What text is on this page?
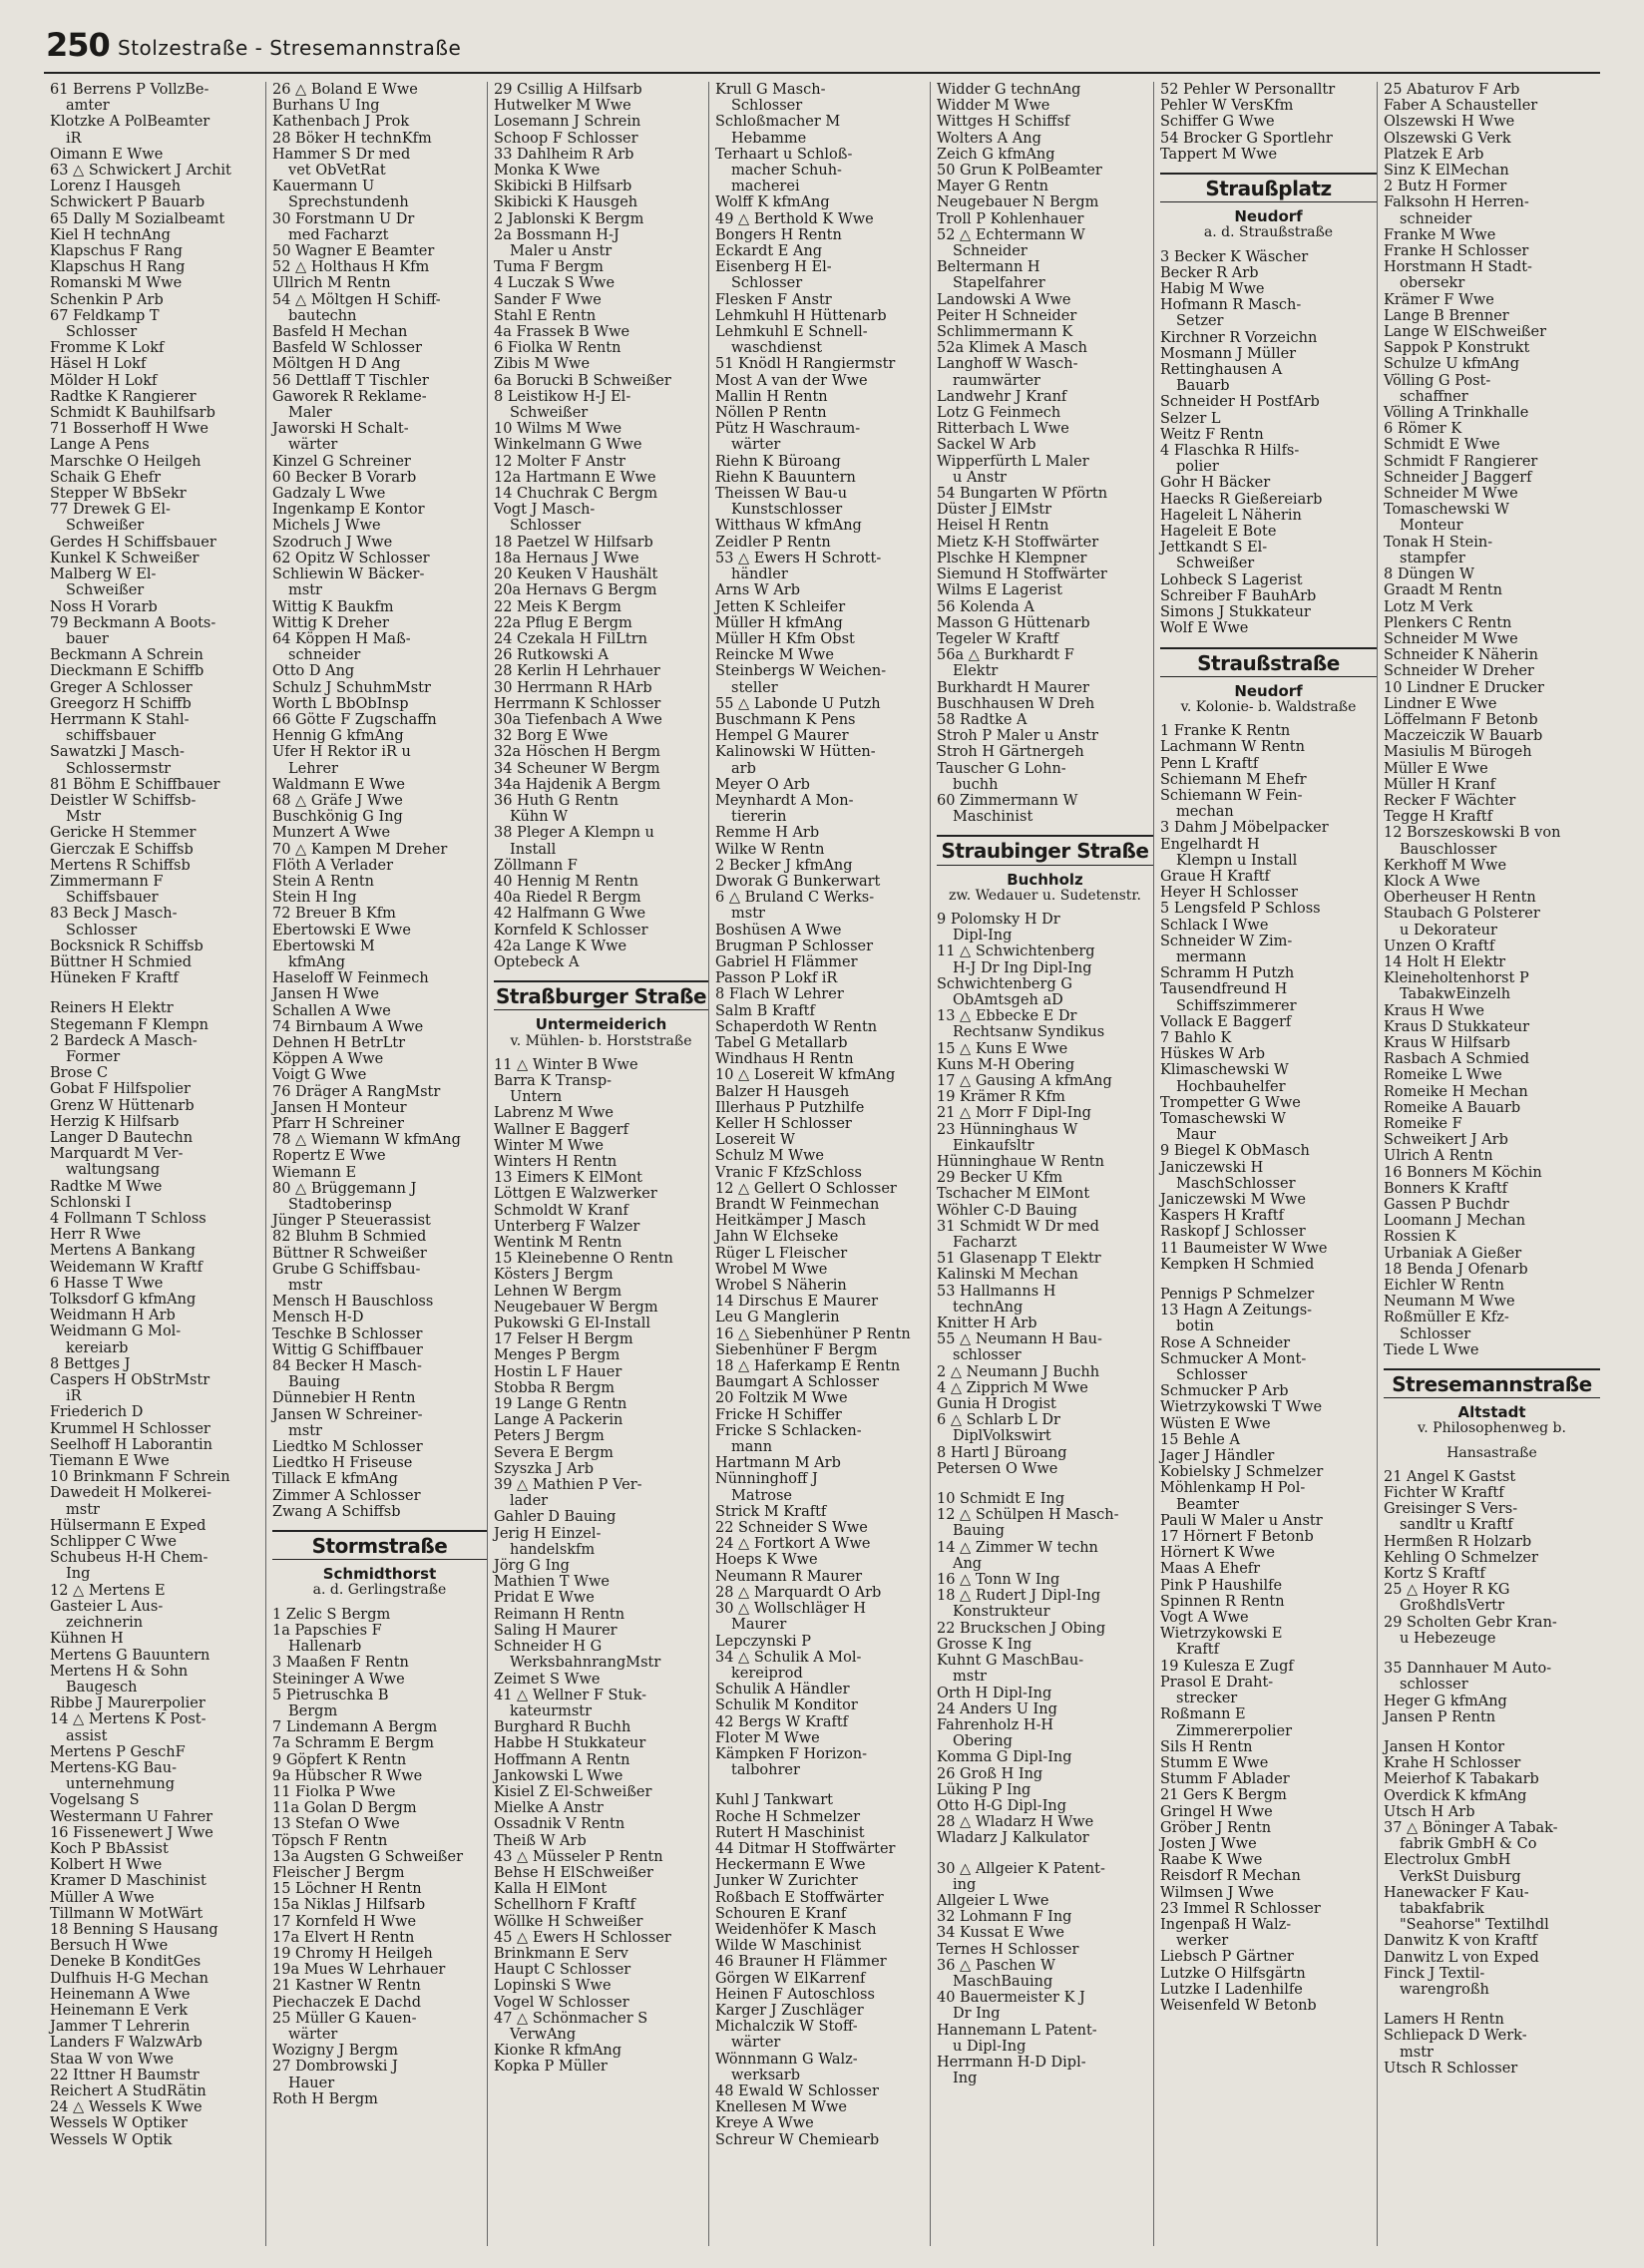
250 Stolzestraße - Stresemannstraße
61 Berrens P VollzBe-
amter
Klotzke A PolBeamter
iR
Oimann E Wwe
63 △ Schwickert J Archit
Lorenz I Hausgeh
Schwickert P Bauarb
65 Dally M Sozialbeamt
Kiel H technAng
Klapschus F Rang
Klapschus H Rang
Romanski M Wwe
Schenkin P Arb
67 Feldkamp T
Schlosser
Fromme K Lokf
Häsel H Lokf
Mölder H Lokf
Radtke K Rangierer
Schmidt K Bauhilfsarb
71 Bosserhoff H Wwe
Lange A Pens
Marschke O Heilgeh
Schaik G Ehefr
Stepper W BbSekr
77 Drewek G El-
Schweißer
Gerdes H Schiffsbauer
Kunkel K Schweißer
Malberg W El-
Schweißer
Noss H Vorarb
79 Beckmann A Boots-
bauer
Beckmann A Schrein
Dieckmann E Schiffb
Greger A Schlosser
Greegorz H Schiffb
Herrmann K Stahl-
schiffsbauer
Sawatzki J Masch-
Schlossermstr
81 Böhm E Schiffbauer
Deistler W Schiffsb-
Mstr
Gericke H Stemmer
Gierczak E Schiffsb
Mertens R Schiffsb
Zimmermann F
Schiffsbauer
83 Beck J Masch-
Schlosser
Bocksnick R Schiffsb
Büttner H Schmied
Hüneken F Kraftf
Reiners H Elektr
Stegemann F Klempn
2 Bardeck A Masch-
Former
Brose C
Gobat F Hilfspolier
Grenz W Hüttenarb
Herzig K Hilfsarb
Langer D Bautechn
Marquardt M Ver-
waltungsang
Radtke M Wwe
Schlonski I
4 Follmann T Schloss
Herr R Wwe
Mertens A Bankang
Weidemann W Kraftf
6 Hasse T Wwe
Tolksdorf G kfmAng
Weidmann H Arb
Weidmann G Mol-
kereiarb
8 Bettges J
Caspers H ObStrMstr
iR
Friederich D
Krummel H Schlosser
Seelhoff H Laborantin
Tiemann E Wwe
10 Brinkmann F Schrein
Dawedeit H Molkerei-
mstr
Hülsermann E Exped
Schlipper C Wwe
Schubeus H-H Chem-
Ing
12 △ Mertens E
Gasteier L Aus-
zeichnerin
Kühnen H
Mertens G Bauuntern
Mertens H & Sohn
Baugesch
Ribbe J Maurerpolier
14 △ Mertens K Post-
assist
Mertens P GeschF
Mertens-KG Bau-
unternehmung
Vogelsang S
Westermann U Fahrer
16 Fissenewert J Wwe
Koch P BbAssist
Kolbert H Wwe
Kramer D Maschinist
Müller A Wwe
Tillmann W MotWärt
18 Benning S Hausang
Bersuch H Wwe
Deneke B KonditGes
Dulfhuis H-G Mechan
Heinemann A Wwe
Heinemann E Verk
Jammer T Lehrerin
Landers F WalzwArb
Staa W von Wwe
22 Ittner H Baumstr
Reichert A StudRätin
24 △ Wessels K Wwe
Wessels W Optiker
Wessels W Optik
26 △ Boland E Wwe
Burhans U Ing
Kathenbach J Prok
28 Böker H technKfm
Hammer S Dr med
vet ObVetRat
Kauermann U
Sprechstundenh
30 Forstmann U Dr
med Facharzt
50 Wagner E Beamter
52 △ Holthaus H Kfm
Ullrich M Rentn
54 △ Möltgen H Schiff-
bautechn
Basfeld H Mechan
Basfeld W Schlosser
Möltgen H D Ang
56 Dettlaff T Tischler
Gaworek R Reklame-
Maler
Jaworski H Schalt-
wärter
Kinzel G Schreiner
60 Becker B Vorarb
Gadzaly L Wwe
Ingenkamp E Kontor
Michels J Wwe
Szodruch J Wwe
62 Opitz W Schlosser
Schliewin W Bäcker-
mstr
Wittig K Baukfm
Wittig K Dreher
64 Köppen H Maß-
schneider
Otto D Ang
Schulz J SchuhmMstr
Worth L BbObInsp
66 Götte F Zugschaffn
Hennig G kfmAng
Ufer H Rektor iR u
Lehrer
Waldmann E Wwe
68 △ Gräfe J Wwe
Buschkönig G Ing
Munzert A Wwe
70 △ Kampen M Dreher
Flöth A Verlader
Stein A Rentn
Stein H Ing
72 Breuer B Kfm
Ebertowski E Wwe
Ebertowski M
kfmAng
Haseloff W Feinmech
Jansen H Wwe
Schallen A Wwe
74 Birnbaum A Wwe
Dehnen H BetrLtr
Köppen A Wwe
Voigt G Wwe
76 Dräger A RangMstr
Jansen H Monteur
Pfarr H Schreiner
78 △ Wiemann W kfmAng
Ropertz E Wwe
Wiemann E
80 △ Brüggemann J
Stadtoberinsp
Jünger P Steuerassist
82 Bluhm B Schmied
Büttner R Schweißer
Grube G Schiffsbau-
mstr
Mensch H Bauschloss
Mensch H-D
Teschke B Schlosser
Wittig G Schiffbauer
84 Becker H Masch-
Bauing
Dünnebier H Rentn
Jansen W Schreiner-
mstr
Liedtko M Schlosser
Liedtko H Friseuse
Tillack E kfmAng
Zimmer A Schlosser
Zwang A Schiffsb
Stormstraße
Schmidthorst
a. d. Gerlingstraße
1 Zelic S Bergm
1a Papschies F
Hallenarb
3 Maaßen F Rentn
Steininger A Wwe
5 Pietruschka B
Bergm
7 Lindemann A Bergm
7a Schramm E Bergm
9 Göpfert K Rentn
9a Hübscher R Wwe
11 Fiolka P Wwe
11a Golan D Bergm
13 Stefan O Wwe
Töpsch F Rentn
13a Augsten G Schweißer
Fleischer J Bergm
15 Löchner H Rentn
15a Niklas J Hilfsarb
17 Kornfeld H Wwe
17a Elvert H Rentn
19 Chromy H Heilgeh
19a Mues W Lehrhauer
21 Kastner W Rentn
Piechaczek E Dachd
25 Müller G Kauen-
wärter
Wozigny J Bergm
27 Dombrowski J
Hauer
Roth H Bergm
29 Csillig A Hilfsarb
Hutwelker M Wwe
Losemann J Schrein
Schoop F Schlosser
33 Dahlheim R Arb
Monka K Wwe
Skibicki B Hilfsarb
Skibicki K Hausgeh
2 Jablonski K Bergm
2a Bossmann H-J
Maler u Anstr
Tuma F Bergm
4 Luczak S Wwe
Sander F Wwe
Stahl E Rentn
4a Frassek B Wwe
6 Fiolka W Rentn
Zibis M Wwe
6a Borucki B Schweißer
8 Leistikow H-J El-
Schweißer
10 Wilms M Wwe
Winkelmann G Wwe
12 Molter F Anstr
12a Hartmann E Wwe
14 Chuchrak C Bergm
Vogt J Masch-
Schlosser
18 Paetzel W Hilfsarb
18a Hernaus J Wwe
20 Keuken V Haushält
20a Hernavs G Bergm
22 Meis K Bergm
22a Pflug E Bergm
24 Czekala H FilLtrn
26 Rutkowski A
28 Kerlin H Lehrhauer
30 Herrmann R HArb
Herrmann K Schlosser
30a Tiefenbach A Wwe
32 Borg E Wwe
32a Höschen H Bergm
34 Scheuner W Bergm
34a Hajdenik A Bergm
36 Huth G Rentn
Kühn W
38 Pleger A Klempn u
Install
Zöllmann F
40 Hennig M Rentn
40a Riedel R Bergm
42 Halfmann G Wwe
Kornfeld K Schlosser
42a Lange K Wwe
Optebeck A
Straßburger Straße
Untermeiderich
v. Mühlen- b. Horststraße
11 △ Winter B Wwe
Barra K Transp-
Untern
Labrenz M Wwe
Wallner E Baggerf
Winter M Wwe
Winters H Rentn
13 Eimers K ElMont
Löttgen E Walzwerker
Schmoldt W Kranf
Unterberg F Walzer
Wentink M Rentn
15 Kleinebenne O Rentn
Kösters J Bergm
Lehnen W Bergm
Neugebauer W Bergm
Pukowski G El-Install
17 Felser H Bergm
Menges P Bergm
Hostin L F Hauer
Stobba R Bergm
19 Lange G Rentn
Lange A Packerin
Peters J Bergm
Severa E Bergm
Szyszka J Arb
39 △ Mathien P Ver-
lader
Gahler D Bauing
Jerig H Einzel-
handelskfm
Jörg G Ing
Mathien T Wwe
Pridat E Wwe
Reimann H Rentn
Saling H Maurer
Schneider H G
WerksbahnrangMstr
Zeimet S Wwe
41 △ Wellner F Stuk-
kateurmstr
Burghard R Buchh
Habbe H Stukkateur
Hoffmann A Rentn
Jankowski L Wwe
Kisiel Z El-Schweißer
Mielke A Anstr
Ossadnik V Rentn
Theiß W Arb
43 △ Müsseler P Rentn
Behse H ElSchweißer
Kalla H ElMont
Schellhorn F Kraftf
Wöllke H Schweißer
45 △ Ewers H Schlosser
Brinkmann E Serv
Haupt C Schlosser
Lopinski S Wwe
Vogel W Schlosser
47 △ Schönmacher S
VerwAng
Kionke R kfmAng
Kopka P Müller
Krull G Masch-
Schlosser
Schloßmacher M
Hebamme
Terhaart u Schloß-
macher Schuh-
macherei
Wolff K kfmAng
49 △ Berthold K Wwe
Bongers H Rentn
Eckardt E Ang
Eisenberg H El-
Schlosser
Flesken F Anstr
Lehmkuhl H Hüttenarb
Lehmkuhl E Schnell-
waschdienst
51 Knödl H Rangiermstr
Most A van der Wwe
Mallin H Rentn
Nöllen P Rentn
Pütz H Waschraum-
wärter
Riehn K Büroang
Riehn K Bauuntern
Theissen W Bau-u
Kunstschlosser
Witthaus W kfmAng
Zeidler P Rentn
53 △ Ewers H Schrott-
händler
Arns W Arb
Jetten K Schleifer
Müller H kfmAng
Müller H Kfm Obst
Reincke M Wwe
Steinbergs W Weichen-
steller
55 △ Labonde U Putzh
Buschmann K Pens
Hempel G Maurer
Kalinowski W Hütten-
arb
Meyer O Arb
Meynhardt A Mon-
tiererin
Remme H Arb
Wilke W Rentn
2 Becker J kfmAng
Dworak G Bunkerwart
6 △ Bruland C Werks-
mstr
Boshüsen A Wwe
Brugman P Schlosser
Gabriel H Flämmer
Passon P Lokf iR
8 Flach W Lehrer
Salm B Kraftf
Schaperdoth W Rentn
Tabel G Metallarb
Windhaus H Rentn
10 △ Losereit W kfmAng
Balzer H Hausgeh
Illerhaus P Putzhilfe
Keller H Schlosser
Losereit W
Schulz M Wwe
Vranic F KfzSchloss
12 △ Gellert O Schlosser
Brandt W Feinmechan
Heitkämper J Masch
Jahn W Elchseke
Rüger L Fleischer
Wrobel M Wwe
Wrobel S Näherin
14 Dirschus E Maurer
Leu G Manglerin
16 △ Siebenhüner P Rentn
Siebenhüner F Bergm
18 △ Haferkamp E Rentn
Baumgart A Schlosser
20 Foltzik M Wwe
Fricke H Schiffer
Fricke S Schlacken-
mann
Hartmann M Arb
Nünninghoff J
Matrose
Strick M Kraftf
22 Schneider S Wwe
24 △ Fortkort A Wwe
Hoeps K Wwe
Neumann R Maurer
28 △ Marquardt O Arb
30 △ Wollschläger H
Maurer
Lepczynski P
34 △ Schulik A Mol-
kereiprod
Schulik A Händler
Schulik M Konditor
42 Bergs W Kraftf
Floter M Wwe
Kämpken F Horizon-
talbohrer
Kuhl J Tankwart
Roche H Schmelzer
Rutert H Maschinist
44 Ditmar H Stoffwärter
Heckermann E Wwe
Junker W Zurichter
Roßbach E Stoffwärter
Schouren E Kranf
Weidenhöfer K Masch
Wilde W Maschinist
46 Brauner H Flämmer
Görgen W ElKarrenf
Heinen F Autoschloss
Karger J Zuschläger
Michalczik W Stoff-
wärter
Wönnmann G Walz-
werksarb
48 Ewald W Schlosser
Knellesen M Wwe
Kreye A Wwe
Schreur W Chemiearb
Widder G technAng
Widder M Wwe
Wittges H Schiffsf
Wolters A Ang
Zeich G kfmAng
50 Grun K PolBeamter
Mayer G Rentn
Neugebauer N Bergm
Troll P Kohlenhauer
52 △ Echtermann W
Schneider
Beltermann H
Stapelfahrer
Landowski A Wwe
Peiter H Schneider
Schlimmermann K
52a Klimek A Masch
Langhoff W Wasch-
raumwärter
Landwehr J Kranf
Lotz G Feinmech
Ritterbach L Wwe
Sackel W Arb
Wipperfürth L Maler
u Anstr
54 Bungarten W Pförtn
Düster J ElMstr
Heisel H Rentn
Mietz K-H Stoffwärter
Plschke H Klempner
Siemund H Stoffwärter
Wilms E Lagerist
56 Kolenda A
Masson G Hüttenarb
Tegeler W Kraftf
56a △ Burkhardt F
Elektr
Burkhardt H Maurer
Buschhausen W Dreh
58 Radtke A
Stroh P Maler u Anstr
Stroh H Gärtnergeh
Tauscher G Lohn-
buchh
60 Zimmermann W
Maschinist
Straubinger Straße
Buchholz
zw. Wedauer u. Sudetenstr.
9 Polomsky H Dr
Dipl-Ing
11 △ Schwichtenberg
H-J Dr Ing Dipl-Ing
Schwichtenberg G
ObAmtsgeh aD
13 △ Ebbecke E Dr
Rechtsanw Syndikus
15 △ Kuns E Wwe
Kuns M-H Obering
17 △ Gausing A kfmAng
19 Krämer R Kfm
21 △ Morr F Dipl-Ing
23 Hünninghaus W
Einkaufsltr
Hünninghaue W Rentn
29 Becker U Kfm
Tschacher M ElMont
Wöhler C-D Bauing
31 Schmidt W Dr med
Facharzt
51 Glasenapp T Elektr
Kalinski M Mechan
53 Hallmanns H
technAng
Knitter H Arb
55 △ Neumann H Bau-
schlosser
2 △ Neumann J Buchh
4 △ Zipprich M Wwe
Gunia H Drogist
6 △ Schlarb L Dr
DiplVolkswirt
8 Hartl J Büroang
Petersen O Wwe
10 Schmidt E Ing
12 △ Schülpen H Masch-
Bauing
14 △ Zimmer W techn
Ang
16 △ Tonn W Ing
18 △ Rudert J Dipl-Ing
Konstrukteur
22 Bruckschen J Obing
Grosse K Ing
Kuhnt G MaschBau-
mstr
Orth H Dipl-Ing
24 Anders U Ing
Fahrenholz H-H
Obering
Komma G Dipl-Ing
26 Groß H Ing
Lüking P Ing
Otto H-G Dipl-Ing
28 △ Wladarz H Wwe
Wladarz J Kalkulator
30 △ Allgeier K Patent-
ing
Allgeier L Wwe
32 Lohmann F Ing
34 Kussat E Wwe
Ternes H Schlosser
36 △ Paschen W
MaschBauing
40 Bauermeister K J
Dr Ing
Hannemann L Patent-
u Dipl-Ing
Herrmann H-D Dipl-
Ing
52 Pehler W Personalltr
Pehler W VersKfm
Schiffer G Wwe
54 Brocker G Sportlehr
Tappert M Wwe
Straußplatz
Neudorf
a. d. Straußstraße
3 Becker K Wäscher
Becker R Arb
Habig M Wwe
Hofmann R Masch-
Setzer
Kirchner R Vorzeichn
Mosmann J Müller
Rettinghausen A
Bauarb
Schneider H PostfArb
Selzer L
Weitz F Rentn
4 Flaschka R Hilfs-
polier
Gohr H Bäcker
Haecks R Gießereiarb
Hageleit L Näherin
Hageleit E Bote
Jettkandt S El-
Schweißer
Lohbeck S Lagerist
Schreiber F BauhArb
Simons J Stukkateur
Wolf E Wwe
Straußstraße
Neudorf
v. Kolonie- b. Waldstraße
1 Franke K Rentn
Lachmann W Rentn
Penn L Kraftf
Schiemann M Ehefr
Schiemann W Fein-
mechan
3 Dahm J Möbelpacker
Engelhardt H
Klempn u Install
Graue H Kraftf
Heyer H Schlosser
5 Lengsfeld P Schloss
Schlack I Wwe
Schneider W Zim-
mermann
Schramm H Putzh
Tausendfreund H
Schiffszimmerer
Vollack E Baggerf
7 Bahlo K
Hüskes W Arb
Klimaschewski W
Hochbauhelfer
Trompetter G Wwe
Tomaschewski W
Maur
9 Biegel K ObMasch
Janiczewski H
MaschSchlosser
Janiczewski M Wwe
Kaspers H Kraftf
Raskopf J Schlosser
11 Baumeister W Wwe
Kempken H Schmied
Pennigs P Schmelzer
13 Hagn A Zeitungs-
botin
Rose A Schneider
Schmucker A Mont-
Schlosser
Schmucker P Arb
Wietrzykowski T Wwe
Wüsten E Wwe
15 Behle A
Jager J Händler
Kobielsky J Schmelzer
Möhlenkamp H Pol-
Beamter
Pauli W Maler u Anstr
17 Hörnert F Betonb
Hörnert K Wwe
Maas A Ehefr
Pink P Haushilfe
Spinnen R Rentn
Vogt A Wwe
Wietrzykowski E
Kraftf
19 Kulesza E Zugf
Prasol E Draht-
strecker
Roßmann E
Zimmererpolier
Sils H Rentn
Stumm E Wwe
Stumm F Ablader
21 Gers K Bergm
Gringel H Wwe
Gröber J Rentn
Josten J Wwe
Raabe K Wwe
Reisdorf R Mechan
Wilmsen J Wwe
23 Immel R Schlosser
Ingenpaß H Walz-
werker
Liebsch P Gärtner
Lutzke O Hilfsgärtn
Lutzke I Ladenhilfe
Weisenfeld W Betonb
25 Abaturov F Arb
Faber A Schausteller
Olszewski H Wwe
Olszewski G Verk
Platzek E Arb
Sinz K ElMechan
2 Butz H Former
Falksohn H Herren-
schneider
Franke M Wwe
Franke H Schlosser
Horstmann H Stadt-
obersekr
Krämer F Wwe
Lange B Brenner
Lange W ElSchweißer
Sappok P Konstrukt
Schulze U kfmAng
Völling G Post-
schaffner
Völling A Trinkhalle
6 Römer K
Schmidt E Wwe
Schmidt F Rangierer
Schneider J Baggerf
Schneider M Wwe
Tomaschewski W
Monteur
Tonak H Stein-
stampfer
8 Düngen W
Graadt M Rentn
Lotz M Verk
Plenkers C Rentn
Schneider M Wwe
Schneider K Näherin
Schneider W Dreher
10 Lindner E Drucker
Lindner E Wwe
Löffelmann F Betonb
Maczeiczik W Bauarb
Masiulis M Bürogeh
Müller E Wwe
Müller H Kranf
Recker F Wächter
Tegge H Kraftf
12 Borszeskowski B von
Bauschlosser
Kerkhoff M Wwe
Klock A Wwe
Oberheuser H Rentn
Staubach G Polsterer
u Dekorateur
Unzen O Kraftf
14 Holt H Elektr
Kleineholtenhorst P
TabakwEinzelh
Kraus H Wwe
Kraus D Stukkateur
Kraus W Hilfsarb
Rasbach A Schmied
Romeike L Wwe
Romeike H Mechan
Romeike A Bauarb
Romeike F
Schweikert J Arb
Ulrich A Rentn
16 Bonners M Köchin
Bonners K Kraftf
Gassen P Buchdr
Loomann J Mechan
Rossien K
Urbaniak A Gießer
18 Benda J Ofenarb
Eichler W Rentn
Neumann M Wwe
Roßmüller E Kfz-
Schlosser
Tiede L Wwe
Stresemannstraße
Altstadt
v. Philosophenweg b.
Hansastraße
21 Angel K Gastst
Fichter W Kraftf
Greisinger S Vers-
sandltr u Kraftf
Hermßen R Holzarb
Kehling O Schmelzer
Kortz S Kraftf
25 △ Hoyer R KG
GroßhdlsVertr
29 Scholten Gebr Kran-
u Hebezeuge
35 Dannhauer M Auto-
schlosser
Heger G kfmAng
Jansen P Rentn
Jansen H Kontor
Krahe H Schlosser
Meierhof K Tabakarb
Overdick K kfmAng
Utsch H Arb
37 △ Böninger A Tabak-
fabrik GmbH & Co
Electrolux GmbH
VerkSt Duisburg
Hanewacker F Kau-
tabakfabrik
"Seahorse" Textilhdl
Danwitz K von Kraftf
Danwitz L von Exped
Finck J Textil-
warengroßh
Lamers H Rentn
Schliepack D Werk-
mstr
Utsch R Schlosser
